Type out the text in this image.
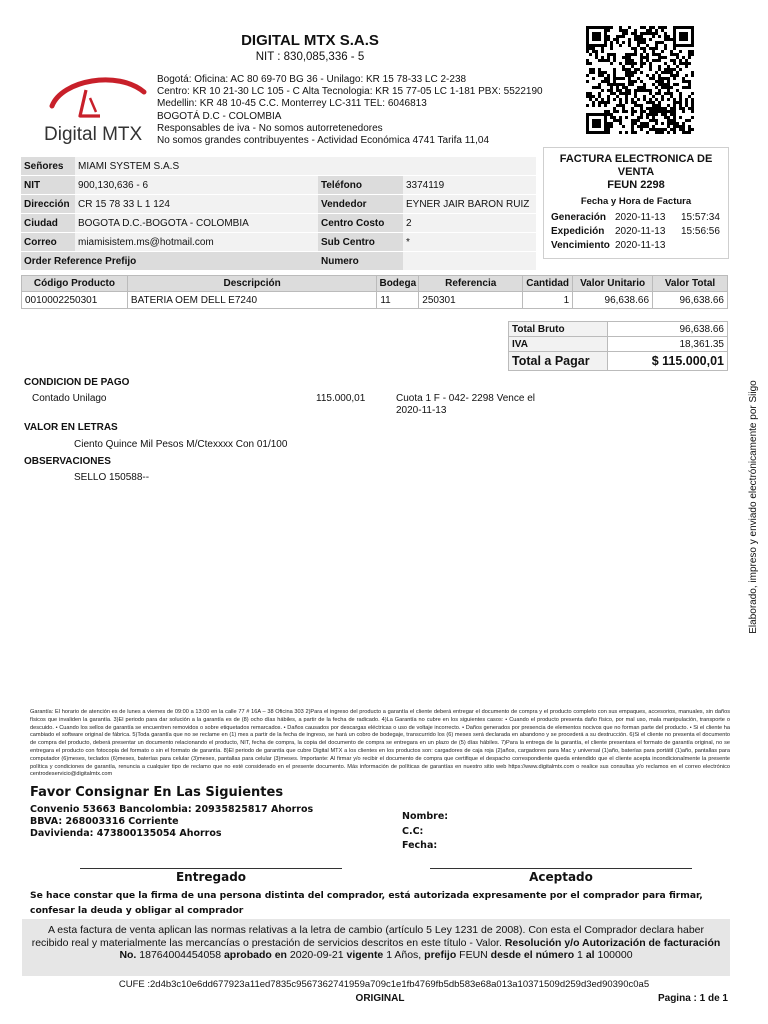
DIGITAL MTX S.A.S
NIT : 830,085,336 - 5
Digital MTX
Bogotá: Oficina: AC 80 69-70 BG 36 - Unilago: KR 15 78-33 LC 2-238
Centro: KR 10 21-30 LC 105 - C Alta Tecnologia: KR 15 77-05 LC 1-181 PBX: 5522190
Medellin: KR 48 10-45 C.C. Monterrey LC-311 TEL: 6046813
BOGOTÁ D.C - COLOMBIA
Responsables de iva - No somos autorretenedores
No somos grandes contribuyentes - Actividad Económica 4741 Tarifa 11,04
Señores	MIAMI SYSTEM S.A.S		
NIT	900,130,636 - 6	Teléfono	3374119
Dirección	CR 15 78 33 L 1 124	Vendedor	EYNER JAIR BARON RUIZ
Ciudad	BOGOTA D.C.-BOGOTA - COLOMBIA	Centro Costo	2
Correo	miamisistem.ms@hotmail.com	Sub Centro	*
Order Reference Prefijo		Numero	
FACTURA ELECTRONICA DE VENTA
FEUN 2298
Fecha y Hora de Factura
Generación 2020-11-13	15:57:34
Expedición	2020-11-13	15:56:56
Vencimiento 2020-11-13
Código Producto	Descripción	Bodega	Referencia	Cantidad	Valor Unitario	Valor Total
0010002250301	BATERIA OEM DELL E7240	11	250301	1	96,638.66	96,638.66
Total Bruto	96,638.66
IVA	18,361.35
Total a Pagar	$ 115.000,01
CONDICION DE PAGO
Contado Unilago	115.000,01	Cuota 1 F - 042- 2298 Vence el
2020-11-13
VALOR EN LETRAS
Ciento Quince Mil Pesos M/Ctexxxx Con 01/100
OBSERVACIONES
SELLO 150588--	Elaborado, impreso y enviado electrónicamente por Siigo
Garantía: El horario de atención es de lunes a viernes de 09:00 a 13:00 en la calle 77 # 16A – 38 Oficina 303 2)Para el ingreso del producto a garantía el cliente deberá entregar el documento de compra y el producto completo con sus empaques, accesorios, manuales, sin daños físicos que invaliden la garantía. 3)El periodo para dar solución a la garantía es de (8) ocho días hábiles, a partir de la fecha de radicado. 4)La Garantía no cubre en los siguientes casos: • Cuando el producto presenta daño físico, por mal uso, mala manipulación, transporte o descuido. • Cuando los sellos de garantía se encuentren removidos o sobre etiquetados remarcados. • Daños causados por descargas eléctricas o uso de voltaje incorrecto. • Daños generados por presencia de elementos nocivos que no forman parte del producto. • Si el cliente ha cambiado el software original de fábrica. 5)Toda garantía que no se reclame en (1) mes a partir de la fecha de ingreso, se hará un cobro de bodegaje, transcurrido los (6) meses será declarada en abandono y se procederá a su destrucción. 6)Si el cliente no presenta el documento de compra del producto, deberá presentar un documento relacionando el producto, NIT, fecha de compra, la copia del documento de compra se entregara en un plazo de (5) días hábiles. 7)Para la entrega de la garantía, el cliente presentara el formato de garantía original, no se entregara el producto con fotocopia del formato o sin el formato de garantía. 8)El periodo de garantía que cubre Digital MTX a los clientes en los productos son: cargadores de caja roja (2)años, cargadores para Mac y universal (1)año, baterías para portátil (1)año, pantallas para computador (6)meses, teclados (6)meses, baterías para celular (3)meses, pantallas para celular (3)meses. Importante: Al firmar y/o recibir el documento de compra que certifique el despacho correspondiente queda entendido que el cliente acepta incondicionalmente la presente política y condiciones de garantía, renuncia a cualquier tipo de reclamo que no esté considerado en el presente documento. Más información de políticas de garantías en nuestro sitio web https://www.digitalmtx.com o realice sus consultas y/o reclamos en el correo electrónico centrodeservicio@digitalmtx.com
Favor Consignar En Las Siguientes
Convenio 53663 Bancolombia: 20935825817 Ahorros
BBVA: 268003316 Corriente
Davivienda: 473800135054 Ahorros
Nombre:
C.C:
Fecha:
Entregado	Aceptado
Se hace constar que la firma de una persona distinta del comprador, está autorizada expresamente por el comprador para firmar, confesar la deuda y obligar al comprador

A esta factura de venta aplican las normas relativas a la letra de cambio (artículo 5 Ley 1231 de 2008). Con esta el Comprador declara haber recibido real y materialmente las mercancías o prestación de servicios descritos en este título - Valor. Resolución y/o Autorización de facturación No. 18764004454058 aprobado en 2020-09-21 vigente 1 Años, prefijo FEUN desde el número 1 al 100000

CUFE :2d4b3c10e6dd677923a11ed7835c9567362741959a709c1e1fb4769fb5db583e68a013a10371509d259d3ed90390c0a5
ORIGINAL	Pagina : 1 de 1
